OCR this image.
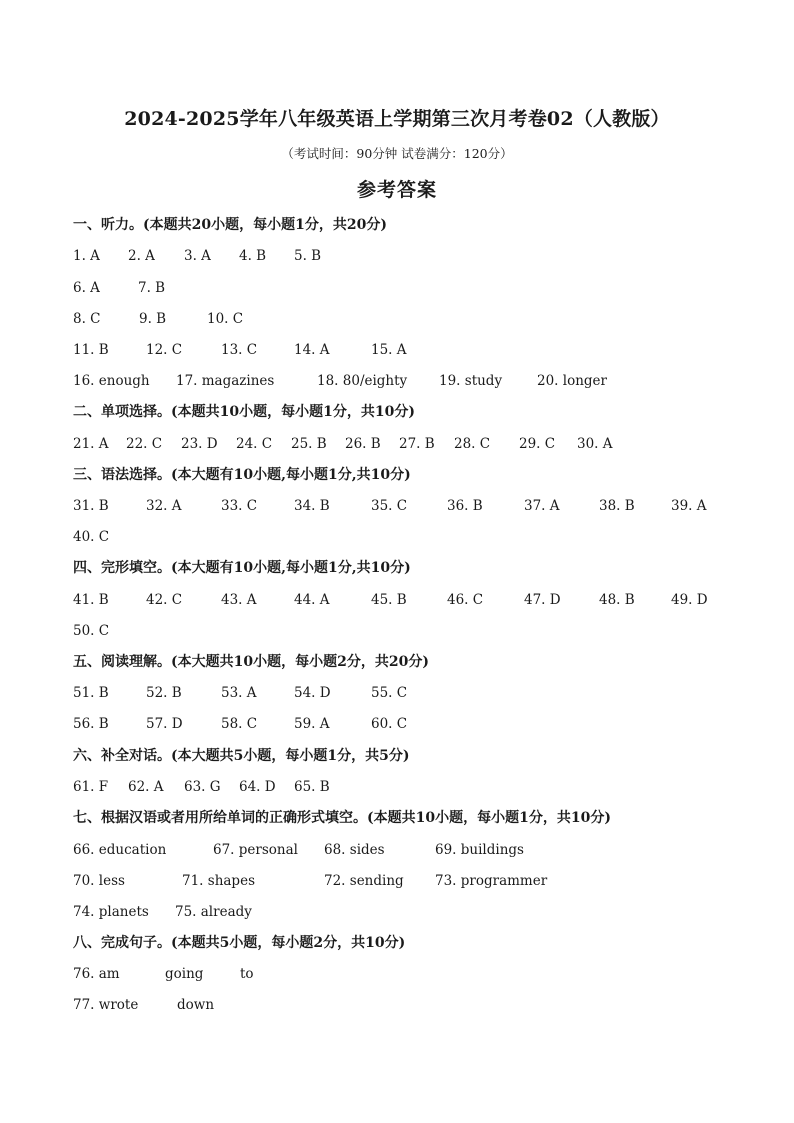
2024-2025学年八年级英语上学期第三次月考卷02（人教版）
（考试时间：90分钟 试卷满分：120分）
参考答案
一、听力。(本题共20小题，每小题1分，共20分)
1. A 2. A 3. A 4. B 5. B
6. A	7. B
8. C	9. B	10. C
11. B	12. C	13. C	14. A	15. A
16. enough 17. magazines	18. 80/eighty 19. study	20. longer
二、单项选择。(本题共10小题，每小题1分，共10分)
21. A 22. C 23. D 24. C 25. B 26. B 27. B 28. C 29. C 30. A
三、语法选择。(本大题有10小题,每小题1分,共10分)
31. B	32. A	33. C	34. B	35. C	36. B	37. A	38. B	39. A
40. C
四、完形填空。(本大题有10小题,每小题1分,共10分)
41. B	42. C	43. A	44. A	45. B	46. C	47. D	48. B	49. D
50. C
五、阅读理解。(本大题共10小题，每小题2分，共20分)
51. B	52. B	53. A	54. D	55. C
56. B	57. D	58. C	59. A	60. C
六、补全对话。(本大题共5小题，每小题1分，共5分)
61. F 62. A 63. G 64. D 65. B
七、根据汉语或者用所给单词的正确形式填空。(本题共10小题，每小题1分，共10分)
66. education	67. personal 68. sides	69. buildings
70. less	71. shapes	72. sending 73. programmer
74. planets 75. already
八、完成句子。(本题共5小题，每小题2分，共10分)
76. am	going	to
77. wrote	down
